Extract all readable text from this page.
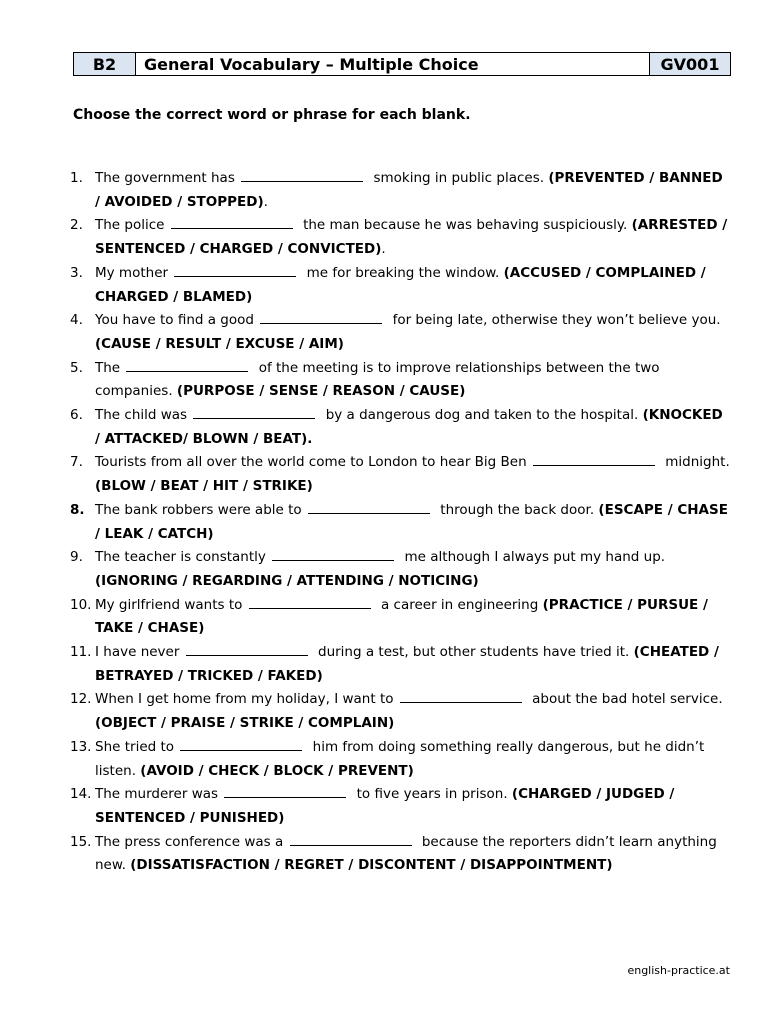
B2	General Vocabulary – Multiple Choice	GV001
Choose the correct word or phrase for each blank.
1. The government has	smoking in public places. (PREVENTED / BANNED / AVOIDED / STOPPED).
2. The police	the man because he was behaving suspiciously. (ARRESTED / SENTENCED / CHARGED / CONVICTED).
3. My mother	me for breaking the window. (ACCUSED / COMPLAINED / CHARGED / BLAMED)
4. You have to find a good	for being late, otherwise they won’t believe you. (CAUSE / RESULT / EXCUSE / AIM)
5. The	of the meeting is to improve relationships between the two companies. (PURPOSE / SENSE / REASON / CAUSE)
6. The child was	by a dangerous dog and taken to the hospital. (KNOCKED / ATTACKED/ BLOWN / BEAT).
7. Tourists from all over the world come to London to hear Big Ben	midnight. (BLOW / BEAT / HIT / STRIKE)
8. The bank robbers were able to	through the back door. (ESCAPE / CHASE / LEAK / CATCH)
9. The teacher is constantly	me although I always put my hand up. (IGNORING / REGARDING / ATTENDING / NOTICING)
10. My girlfriend wants to	a career in engineering (PRACTICE / PURSUE / TAKE / CHASE)
11. I have never	during a test, but other students have tried it. (CHEATED / BETRAYED / TRICKED / FAKED)
12. When I get home from my holiday, I want to	about the bad hotel service. (OBJECT / PRAISE / STRIKE / COMPLAIN)
13. She tried to	him from doing something really dangerous, but he didn’t listen. (AVOID / CHECK / BLOCK / PREVENT)
14. The murderer was	to five years in prison. (CHARGED / JUDGED / SENTENCED / PUNISHED)
15. The press conference was a	because the reporters didn’t learn anything new. (DISSATISFACTION / REGRET / DISCONTENT / DISAPPOINTMENT)
english-practice.at
